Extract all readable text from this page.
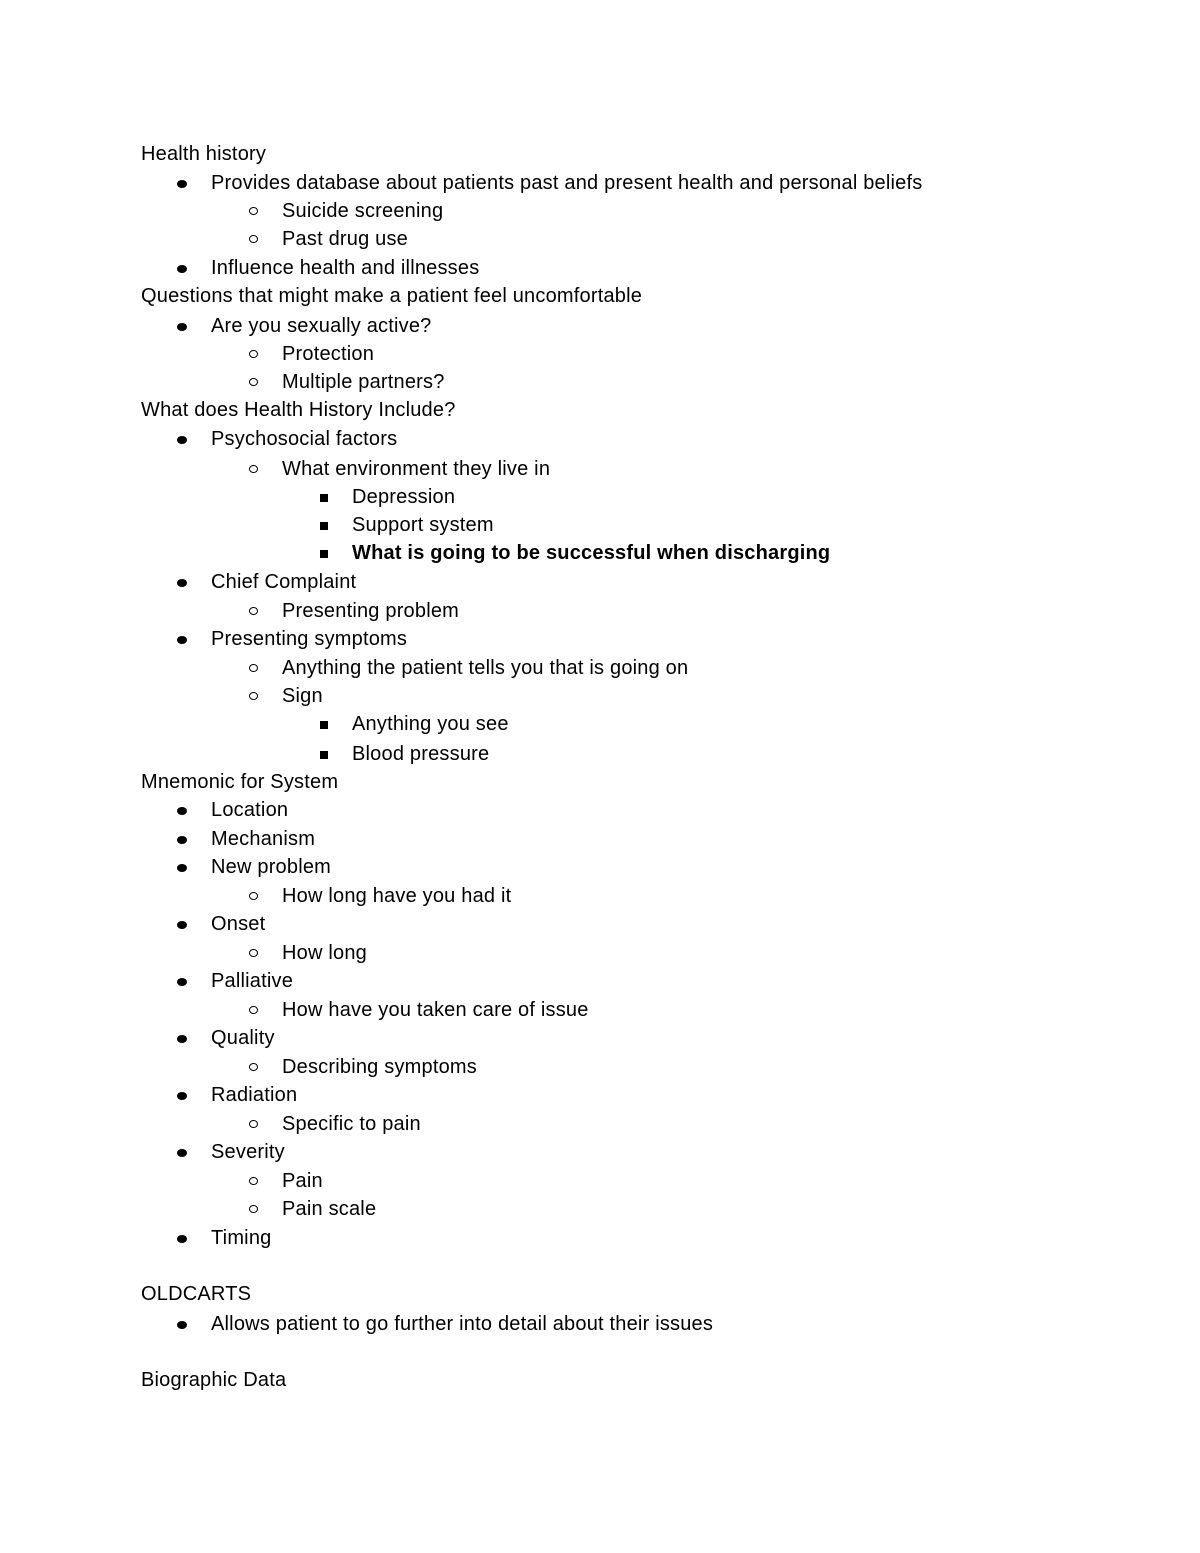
Health history
Provides database about patients past and present health and personal beliefs
Suicide screening
Past drug use
Influence health and illnesses
Questions that might make a patient feel uncomfortable
Are you sexually active?
Protection
Multiple partners?
What does Health History Include?
Psychosocial factors
What environment they live in
Depression
Support system
What is going to be successful when discharging
Chief Complaint
Presenting problem
Presenting symptoms
Anything the patient tells you that is going on
Sign
Anything you see
Blood pressure
Mnemonic for System
Location
Mechanism
New problem
How long have you had it
Onset
How long
Palliative
How have you taken care of issue
Quality
Describing symptoms
Radiation
Specific to pain
Severity
Pain
Pain scale
Timing
OLDCARTS
Allows patient to go further into detail about their issues
Biographic Data
